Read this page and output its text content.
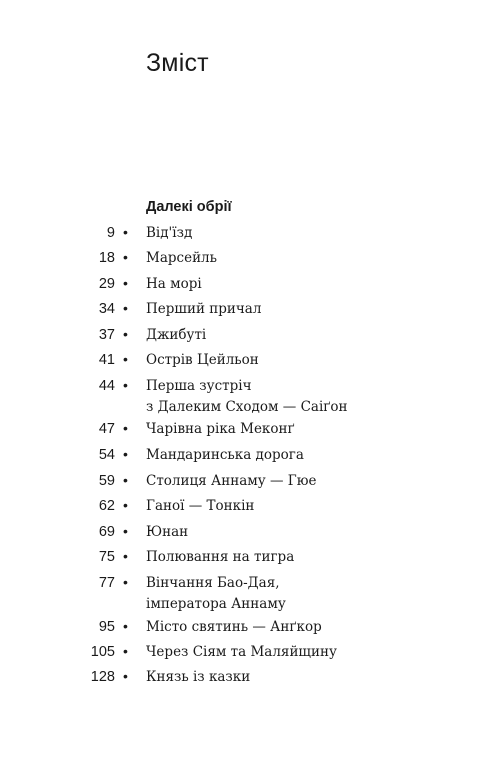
Зміст
Далекі обрії
9 • Від'їзд
18 • Марсейль
29 • На морі
34 • Перший причал
37 • Джибуті
41 • Острів Цейльон
44 • Перша зустріч
з Далеким Сходом — Саіґон
47 • Чарівна ріка Меконґ
54 • Мандаринська дорога
59 • Столиця Аннаму — Гюе
62 • Ганої — Тонкін
69 • Юнан
75 • Полювання на тигра
77 • Вінчання Бао-Дая,
імператора Аннаму
95 • Місто святинь — Анґкор
105 • Через Сіям та Маляйщину
128 • Князь із казки
